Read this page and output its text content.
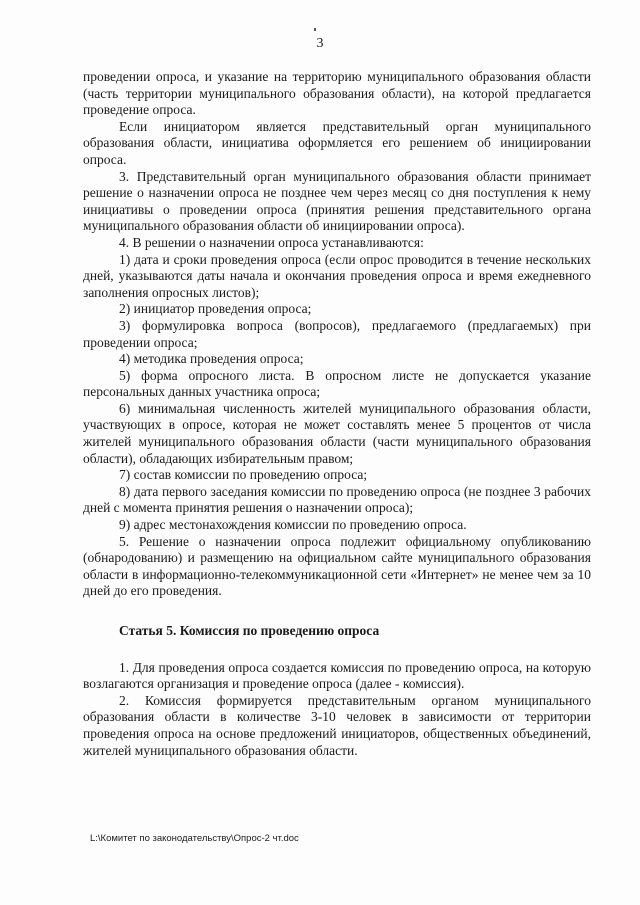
3

проведении опроса, и указание на территорию муниципального образования области (часть территории муниципального образования области), на которой предлагается проведение опроса.

Если инициатором является представительный орган муниципального образования области, инициатива оформляется его решением об инициировании опроса.

3. Представительный орган муниципального образования области принимает решение о назначении опроса не позднее чем через месяц со дня поступления к нему инициативы о проведении опроса (принятия решения представительного органа муниципального образования области об инициировании опроса).

4. В решении о назначении опроса устанавливаются:

1) дата и сроки проведения опроса (если опрос проводится в течение нескольких дней, указываются даты начала и окончания проведения опроса и время ежедневного заполнения опросных листов);

2) инициатор проведения опроса;

3) формулировка вопроса (вопросов), предлагаемого (предлагаемых) при проведении опроса;

4) методика проведения опроса;

5) форма опросного листа. В опросном листе не допускается указание персональных данных участника опроса;

6) минимальная численность жителей муниципального образования области, участвующих в опросе, которая не может составлять менее 5 процентов от числа жителей муниципального образования области (части муниципального образования области), обладающих избирательным правом;

7) состав комиссии по проведению опроса;

8) дата первого заседания комиссии по проведению опроса (не позднее 3 рабочих дней с момента принятия решения о назначении опроса);

9) адрес местонахождения комиссии по проведению опроса.

5. Решение о назначении опроса подлежит официальному опубликованию (обнародованию) и размещению на официальном сайте муниципального образования области в информационно-телекоммуникационной сети «Интернет» не менее чем за 10 дней до его проведения.

Статья 5. Комиссия по проведению опроса

1. Для проведения опроса создается комиссия по проведению опроса, на которую возлагаются организация и проведение опроса (далее - комиссия).

2. Комиссия формируется представительным органом муниципального образования области в количестве 3-10 человек в зависимости от территории проведения опроса на основе предложений инициаторов, общественных объединений, жителей муниципального образования области.

L:\Комитет по законодательству\Опрос-2 чт.doc
